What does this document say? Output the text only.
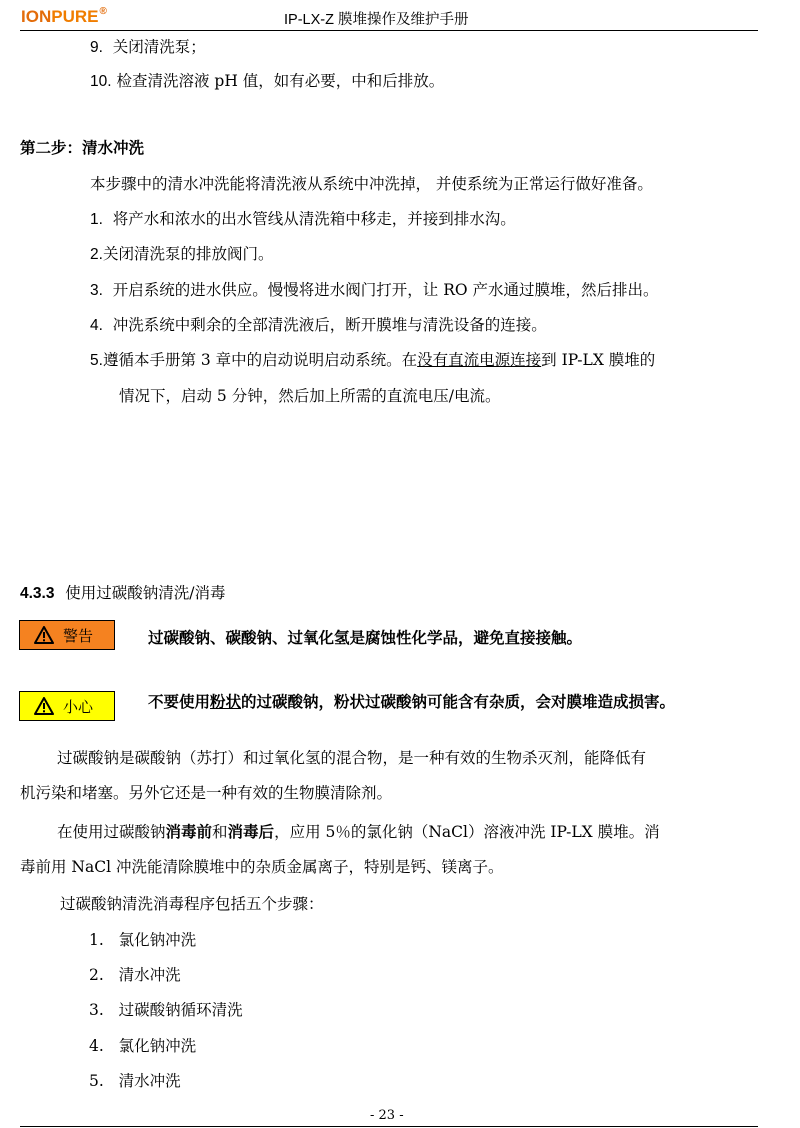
IONPURE®
IP-LX-Z 膜堆操作及维护手册
9. 关闭清洗泵；
10. 检查清洗溶液 pH 值，如有必要，中和后排放。
第二步：清水冲洗
本步骤中的清水冲洗能将清洗液从系统中冲洗掉， 并使系统为正常运行做好准备。
1. 将产水和浓水的出水管线从清洗箱中移走，并接到排水沟。
2.关闭清洗泵的排放阀门。
3. 开启系统的进水供应。慢慢将进水阀门打开，让 RO 产水通过膜堆，然后排出。
4. 冲洗系统中剩余的全部清洗液后，断开膜堆与清洗设备的连接。
5.遵循本手册第 3 章中的启动说明启动系统。在没有直流电源连接到 IP-LX 膜堆的
情况下，启动 5 分钟，然后加上所需的直流电压/电流。
4.3.3 使用过碳酸钠清洗/消毒
警告	过碳酸钠、碳酸钠、过氧化氢是腐蚀性化学品，避免直接接触。
小心	不要使用粉状的过碳酸钠，粉状过碳酸钠可能含有杂质，会对膜堆造成损害。
过碳酸钠是碳酸钠（苏打）和过氧化氢的混合物，是一种有效的生物杀灭剂，能降低有
机污染和堵塞。另外它还是一种有效的生物膜清除剂。
在使用过碳酸钠消毒前和消毒后，应用 5％的氯化钠（NaCl）溶液冲洗 IP-LX 膜堆。消
毒前用 NaCl 冲洗能清除膜堆中的杂质金属离子，特别是钙、镁离子。
过碳酸钠清洗消毒程序包括五个步骤：
1. 氯化钠冲洗
2. 清水冲洗
3. 过碳酸钠循环清洗
4. 氯化钠冲洗
5. 清水冲洗
- 23 -
